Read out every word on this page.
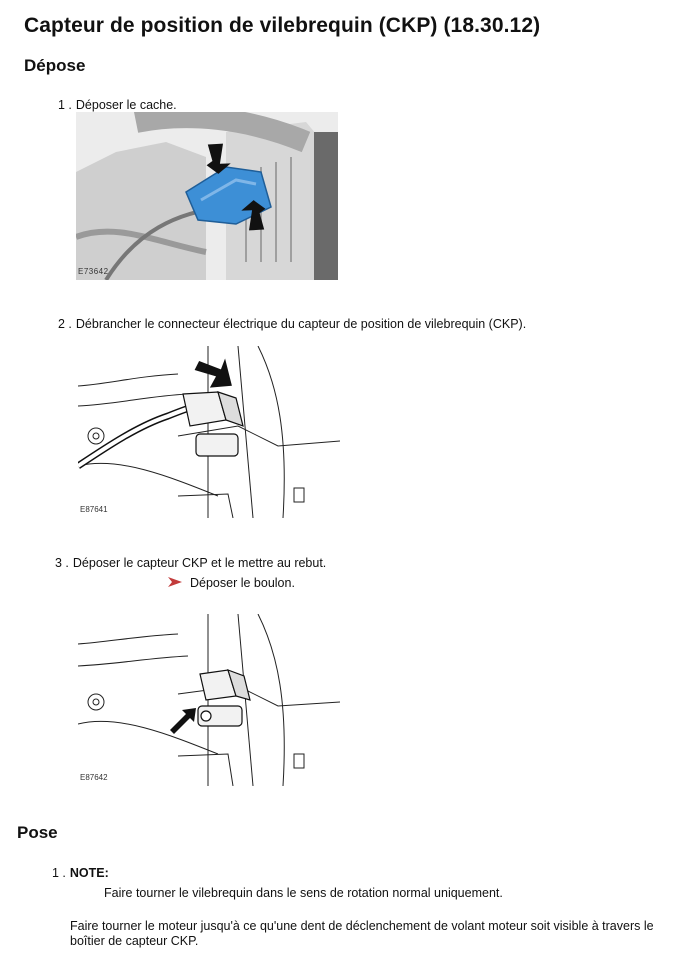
Capteur de position de vilebrequin (CKP) (18.30.12)
Dépose
1 . Déposer le cache.
E73642
2 . Débrancher le connecteur électrique du capteur de position de vilebrequin (CKP).
E87641
3 . Déposer le capteur CKP et le mettre au rebut.
Déposer le boulon.
E87642
Pose
1 . NOTE:
Faire tourner le vilebrequin dans le sens de rotation normal uniquement.
Faire tourner le moteur jusqu'à ce qu'une dent de déclenchement de volant moteur soit visible à travers le boîtier de capteur CKP.
